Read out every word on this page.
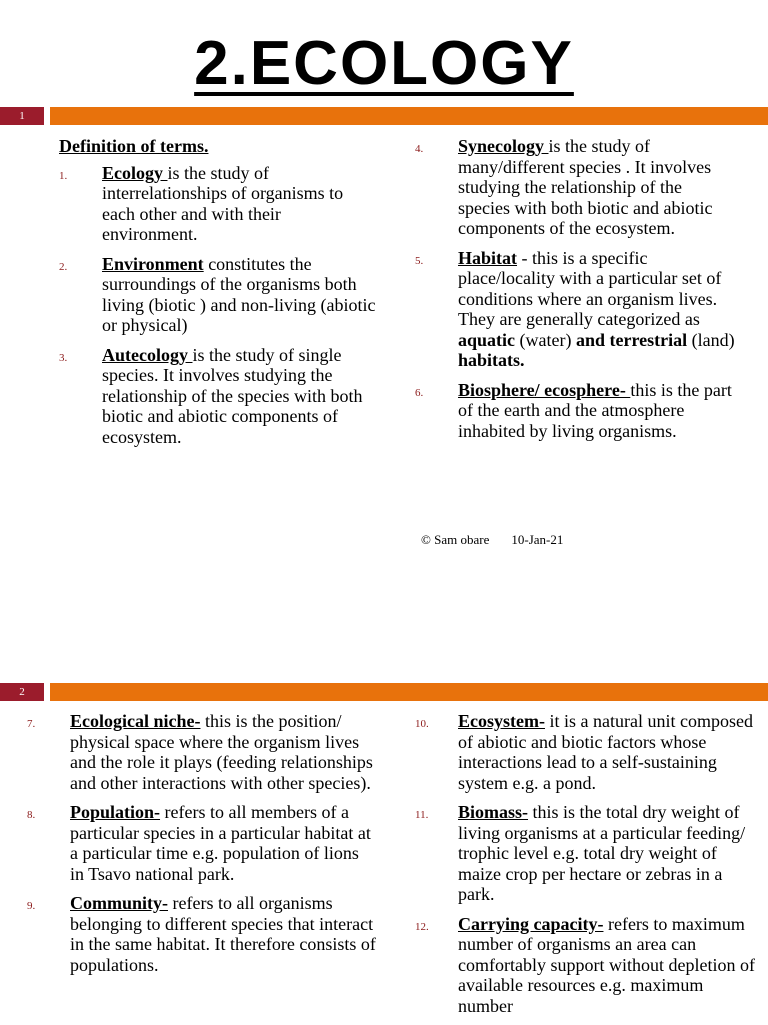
2.ECOLOGY
1
Definition of terms.
1. Ecology is the study of interrelationships of organisms to each other and with their environment.
2. Environment constitutes the surroundings of the organisms both living (biotic ) and non-living (abiotic or physical)
3. Autecology is the study of single species. It involves studying the relationship of the species with both biotic and abiotic components of ecosystem.
4. Synecology is the study of many/different species . It involves studying the relationship of the species with both biotic and abiotic components of the ecosystem.
5. Habitat - this is a specific place/locality with a particular set of conditions where an organism lives. They are generally categorized as aquatic (water) and terrestrial (land) habitats.
6. Biosphere/ ecosphere- this is the part of the earth and the atmosphere inhabited by living organisms.
© Sam obare 10-Jan-21
2
7. Ecological niche- this is the position/ physical space where the organism lives and the role it plays (feeding relationships and other interactions with other species).
8. Population- refers to all members of a particular species in a particular habitat at a particular time e.g. population of lions in Tsavo national park.
9. Community- refers to all organisms belonging to different species that interact in the same habitat. It therefore consists of populations.
10. Ecosystem- it is a natural unit composed of abiotic and biotic factors whose interactions lead to a self-sustaining system e.g. a pond.
11. Biomass- this is the total dry weight of living organisms at a particular feeding/ trophic level e.g. total dry weight of maize crop per hectare or zebras in a park.
12. Carrying capacity- refers to maximum number of organisms an area can comfortably support without depletion of available resources e.g. maximum number
